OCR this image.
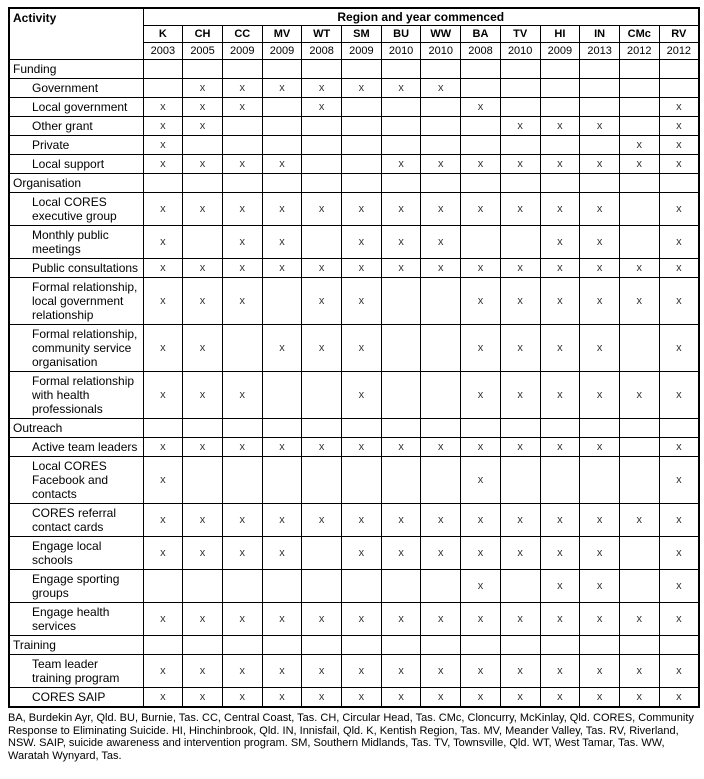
Activity	Region and year commenced													
	K	CH	CC	MV	WT	SM	BU	WW	BA	TV	HI	IN	CMc	RV
	2003	2005	2009	2009	2008	2009	2010	2010	2008	2010	2009	2013	2012	2012
Funding														
Government		x	x	x	x	x	x	x						
Local government	x	x	x		x				x					x
Other grant	x	x								x	x	x		x
Private	x												x	x
Local support	x	x	x	x			x	x	x	x	x	x	x	x
Organisation														
Local CORES executive group	x	x	x	x	x	x	x	x	x	x	x	x		x
Monthly public meetings	x		x	x		x	x	x			x	x		x
Public consultations	x	x	x	x	x	x	x	x	x	x	x	x	x	x
Formal relationship, local government relationship	x	x	x		x	x			x	x	x	x	x	x
Formal relationship, community service organisation	x	x		x	x	x			x	x	x	x		x
Formal relationship with health professionals	x	x	x			x			x	x	x	x	x	x
Outreach														
Active team leaders	x	x	x	x	x	x	x	x	x	x	x	x		x
Local CORES Facebook and contacts	x								x					x
CORES referral contact cards	x	x	x	x	x	x	x	x	x	x	x	x	x	x
Engage local schools	x	x	x	x		x	x	x	x	x	x	x		x
Engage sporting groups									x		x	x		x
Engage health services	x	x	x	x	x	x	x	x	x	x	x	x	x	x
Training														
Team leader training program	x	x	x	x	x	x	x	x	x	x	x	x	x	x
CORES SAIP	x	x	x	x	x	x	x	x	x	x	x	x	x	x

BA, Burdekin Ayr, Qld. BU, Burnie, Tas. CC, Central Coast, Tas. CH, Circular Head, Tas. CMc, Cloncurry, McKinlay, Qld. CORES, Community Response to Eliminating Suicide. HI, Hinchinbrook, Qld. IN, Innisfail, Qld. K, Kentish Region, Tas. MV, Meander Valley, Tas. RV, Riverland, NSW. SAIP, suicide awareness and intervention program. SM, Southern Midlands, Tas. TV, Townsville, Qld. WT, West Tamar, Tas. WW, Waratah Wynyard, Tas.
